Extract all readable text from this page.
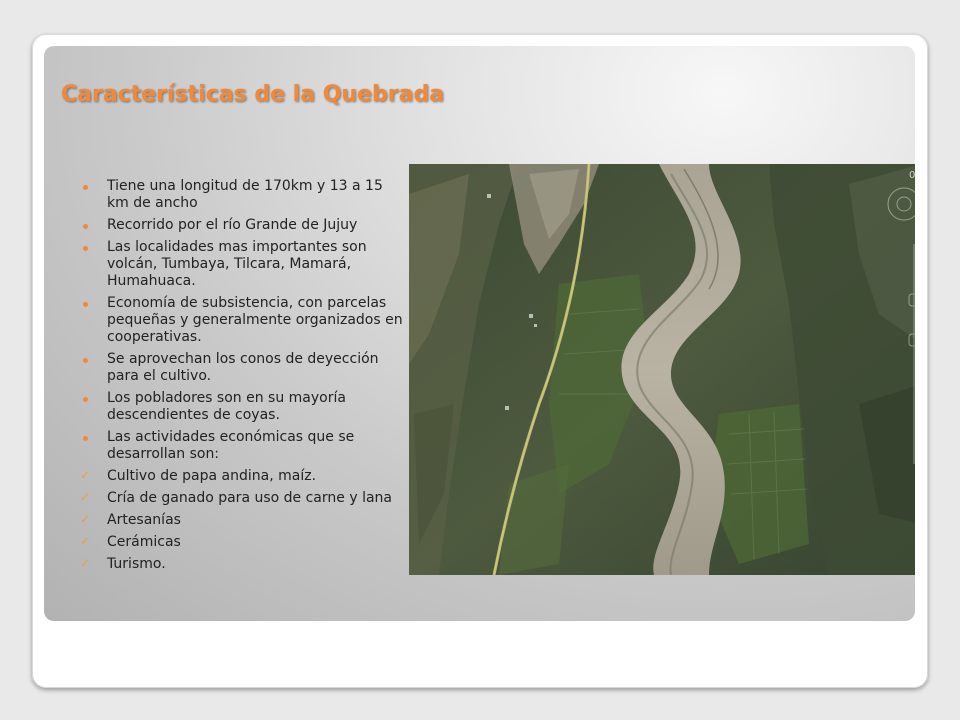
Características de la Quebrada
Tiene una longitud de 170km y 13 a 15 km de ancho
Recorrido por el río Grande de Jujuy
Las localidades mas importantes son volcán, Tumbaya, Tilcara, Mamará, Humahuaca.
Economía de subsistencia, con parcelas pequeñas y generalmente organizados en cooperativas.
Se aprovechan los conos de deyección para el cultivo.
Los pobladores son en su mayoría descendientes de coyas.
Las actividades económicas que se desarrollan son:
✓ Cultivo de papa andina, maíz.
✓ Cría de ganado para uso de carne y lana
✓ Artesanías
✓ Cerámicas
✓ Turismo.
0
